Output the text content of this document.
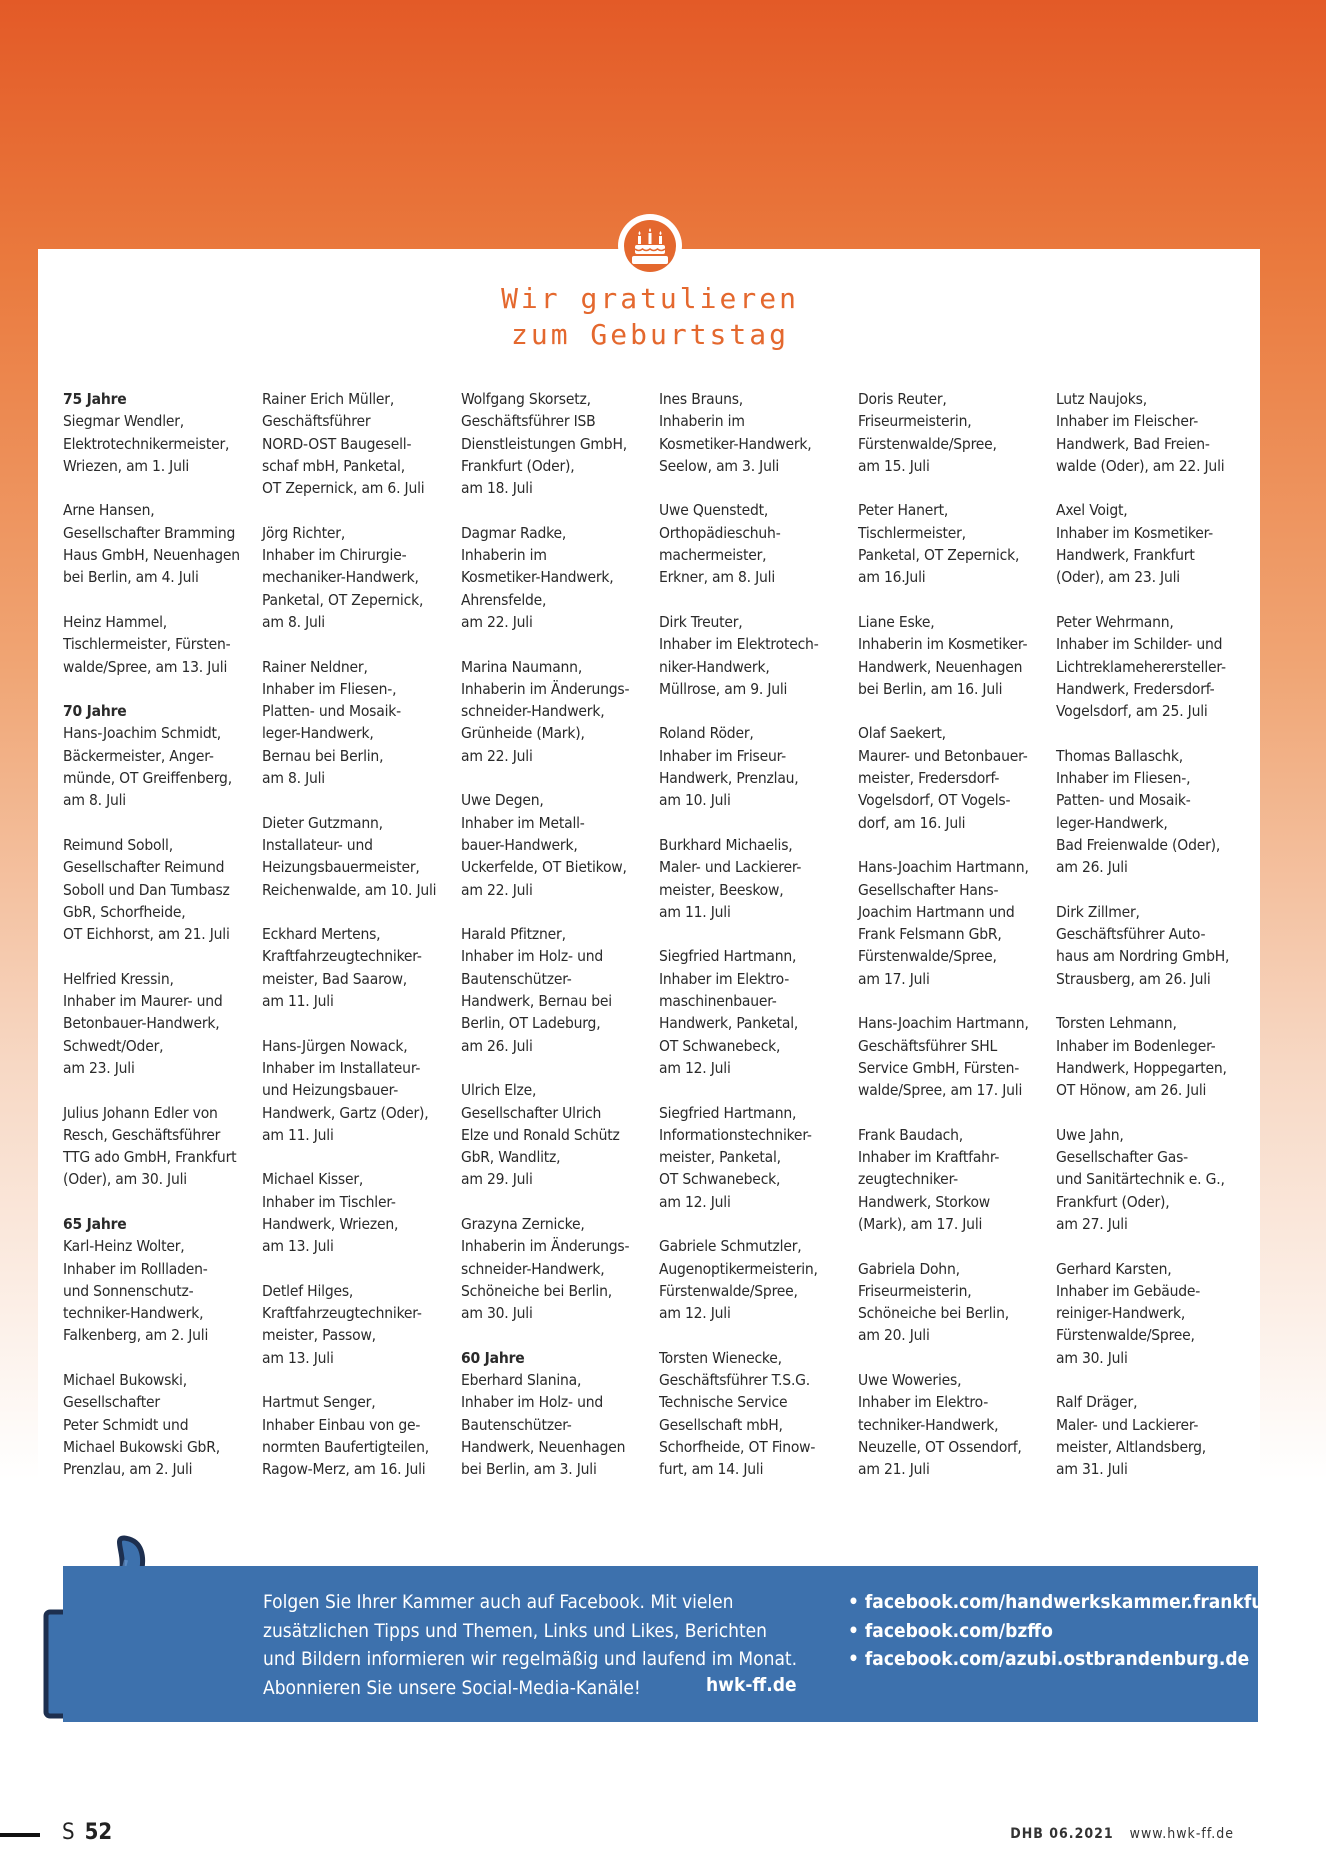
Wir gratulieren
zum Geburtstag
75 Jahre
Siegmar Wendler,
Elektrotechnikermeister,
Wriezen, am 1. Juli
Arne Hansen,
Gesellschafter Bramming
Haus GmbH, Neuenhagen
bei Berlin, am 4. Juli
Heinz Hammel,
Tischlermeister, Fürsten-
walde/Spree, am 13. Juli
70 Jahre
Hans-Joachim Schmidt,
Bäckermeister, Anger-
münde, OT Greiffenberg,
am 8. Juli
Reimund Soboll,
Gesellschafter Reimund
Soboll und Dan Tumbasz
GbR, Schorfheide,
OT Eichhorst, am 21. Juli
Helfried Kressin,
Inhaber im Maurer- und
Betonbauer-Handwerk,
Schwedt/Oder,
am 23. Juli
Julius Johann Edler von
Resch, Geschäftsführer
TTG ado GmbH, Frankfurt
(Oder), am 30. Juli
65 Jahre
Karl-Heinz Wolter,
Inhaber im Rollladen-
und Sonnenschutz-
techniker-Handwerk,
Falkenberg, am 2. Juli
Michael Bukowski,
Gesellschafter
Peter Schmidt und
Michael Bukowski GbR,
Prenzlau, am 2. Juli
Rainer Erich Müller,
Geschäftsführer
NORD-OST Baugesell-
schaf mbH, Panketal,
OT Zepernick, am 6. Juli
Jörg Richter,
Inhaber im Chirurgie-
mechaniker-Handwerk,
Panketal, OT Zepernick,
am 8. Juli
Rainer Neldner,
Inhaber im Fliesen-,
Platten- und Mosaik-
leger-Handwerk,
Bernau bei Berlin,
am 8. Juli
Dieter Gutzmann,
Installateur- und
Heizungsbauermeister,
Reichenwalde, am 10. Juli
Eckhard Mertens,
Kraftfahrzeugtechniker-
meister, Bad Saarow,
am 11. Juli
Hans-Jürgen Nowack,
Inhaber im Installateur-
und Heizungsbauer-
Handwerk, Gartz (Oder),
am 11. Juli
Michael Kisser,
Inhaber im Tischler-
Handwerk, Wriezen,
am 13. Juli
Detlef Hilges,
Kraftfahrzeugtechniker-
meister, Passow,
am 13. Juli
Hartmut Senger,
Inhaber Einbau von ge-
normten Baufertigteilen,
Ragow-Merz, am 16. Juli
Wolfgang Skorsetz,
Geschäftsführer ISB
Dienstleistungen GmbH,
Frankfurt (Oder),
am 18. Juli
Dagmar Radke,
Inhaberin im
Kosmetiker-Handwerk,
Ahrensfelde,
am 22. Juli
Marina Naumann,
Inhaberin im Änderungs-
schneider-Handwerk,
Grünheide (Mark),
am 22. Juli
Uwe Degen,
Inhaber im Metall-
bauer-Handwerk,
Uckerfelde, OT Bietikow,
am 22. Juli
Harald Pfitzner,
Inhaber im Holz- und
Bautenschützer-
Handwerk, Bernau bei
Berlin, OT Ladeburg,
am 26. Juli
Ulrich Elze,
Gesellschafter Ulrich
Elze und Ronald Schütz
GbR, Wandlitz,
am 29. Juli
Grazyna Zernicke,
Inhaberin im Änderungs-
schneider-Handwerk,
Schöneiche bei Berlin,
am 30. Juli
60 Jahre
Eberhard Slanina,
Inhaber im Holz- und
Bautenschützer-
Handwerk, Neuenhagen
bei Berlin, am 3. Juli
Ines Brauns,
Inhaberin im
Kosmetiker-Handwerk,
Seelow, am 3. Juli
Uwe Quenstedt,
Orthopädieschuh-
machermeister,
Erkner, am 8. Juli
Dirk Treuter,
Inhaber im Elektrotech-
niker-Handwerk,
Müllrose, am 9. Juli
Roland Röder,
Inhaber im Friseur-
Handwerk, Prenzlau,
am 10. Juli
Burkhard Michaelis,
Maler- und Lackierer-
meister, Beeskow,
am 11. Juli
Siegfried Hartmann,
Inhaber im Elektro-
maschinenbauer-
Handwerk, Panketal,
OT Schwanebeck,
am 12. Juli
Siegfried Hartmann,
Informationstechniker-
meister, Panketal,
OT Schwanebeck,
am 12. Juli
Gabriele Schmutzler,
Augenoptikermeisterin,
Fürstenwalde/Spree,
am 12. Juli
Torsten Wienecke,
Geschäftsführer T.S.G.
Technische Service
Gesellschaft mbH,
Schorfheide, OT Finow-
furt, am 14. Juli
Doris Reuter,
Friseurmeisterin,
Fürstenwalde/Spree,
am 15. Juli
Peter Hanert,
Tischlermeister,
Panketal, OT Zepernick,
am 16.Juli
Liane Eske,
Inhaberin im Kosmetiker-
Handwerk, Neuenhagen
bei Berlin, am 16. Juli
Olaf Saekert,
Maurer- und Betonbauer-
meister, Fredersdorf-
Vogelsdorf, OT Vogels-
dorf, am 16. Juli
Hans-Joachim Hartmann,
Gesellschafter Hans-
Joachim Hartmann und
Frank Felsmann GbR,
Fürstenwalde/Spree,
am 17. Juli
Hans-Joachim Hartmann,
Geschäftsführer SHL
Service GmbH, Fürsten-
walde/Spree, am 17. Juli
Frank Baudach,
Inhaber im Kraftfahr-
zeugtechniker-
Handwerk, Storkow
(Mark), am 17. Juli
Gabriela Dohn,
Friseurmeisterin,
Schöneiche bei Berlin,
am 20. Juli
Uwe Woweries,
Inhaber im Elektro-
techniker-Handwerk,
Neuzelle, OT Ossendorf,
am 21. Juli
Lutz Naujoks,
Inhaber im Fleischer-
Handwerk, Bad Freien-
walde (Oder), am 22. Juli
Axel Voigt,
Inhaber im Kosmetiker-
Handwerk, Frankfurt
(Oder), am 23. Juli
Peter Wehrmann,
Inhaber im Schilder- und
Lichtreklameherersteller-
Handwerk, Fredersdorf-
Vogelsdorf, am 25. Juli
Thomas Ballaschk,
Inhaber im Fliesen-,
Patten- und Mosaik-
leger-Handwerk,
Bad Freienwalde (Oder),
am 26. Juli
Dirk Zillmer,
Geschäftsführer Auto-
haus am Nordring GmbH,
Strausberg, am 26. Juli
Torsten Lehmann,
Inhaber im Bodenleger-
Handwerk, Hoppegarten,
OT Hönow, am 26. Juli
Uwe Jahn,
Gesellschafter Gas-
und Sanitärtechnik e. G.,
Frankfurt (Oder),
am 27. Juli
Gerhard Karsten,
Inhaber im Gebäude-
reiniger-Handwerk,
Fürstenwalde/Spree,
am 30. Juli
Ralf Dräger,
Maler- und Lackierer-
meister, Altlandsberg,
am 31. Juli
Folgen Sie Ihrer Kammer auch auf Facebook. Mit vielen
zusätzlichen Tipps und Themen, Links und Likes, Berichten
und Bildern informieren wir regelmäßig und laufend im Monat.
Abonnieren Sie unsere Social-Media-Kanäle!	hwk-ff.de
• facebook.com/handwerkskammer.frankfurt
• facebook.com/bzffo
• facebook.com/azubi.ostbrandenburg.de
S 52	DHB 06.2021 www.hwk-ff.de
